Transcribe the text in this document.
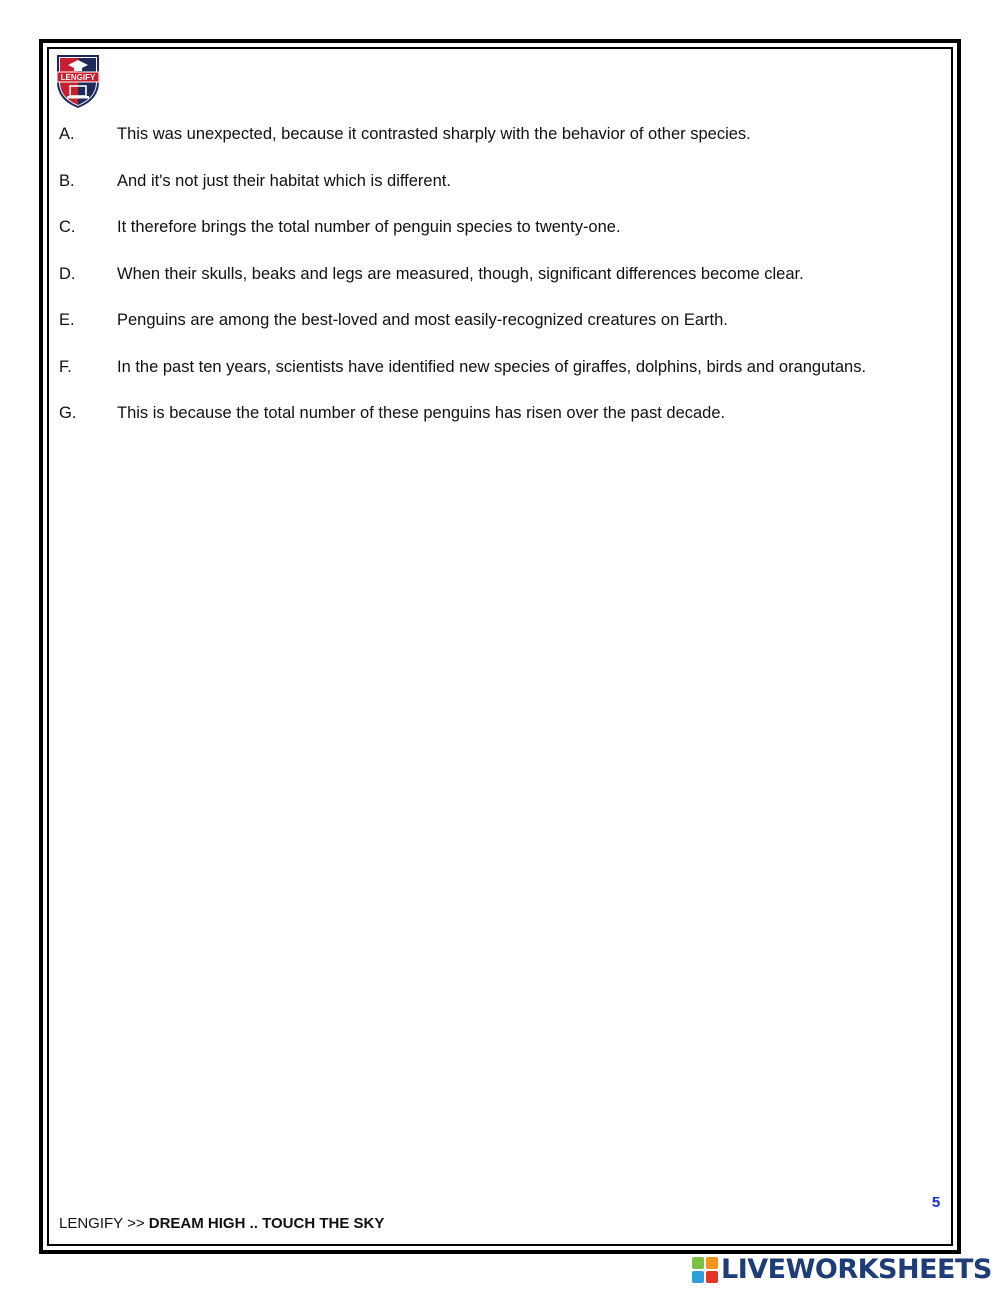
LENGIFY
A.	This was unexpected, because it contrasted sharply with the behavior of other species.
B.	And it's not just their habitat which is different.
C.	It therefore brings the total number of penguin species to twenty-one.
D.	When their skulls, beaks and legs are measured, though, significant differences become clear.
E.	Penguins are among the best-loved and most easily-recognized creatures on Earth.
F.	In the past ten years, scientists have identified new species of giraffes, dolphins, birds and orangutans.
G.	This is because the total number of these penguins has risen over the past decade.
5
LENGIFY >> DREAM HIGH .. TOUCH THE SKY
LIVEWORKSHEETS
